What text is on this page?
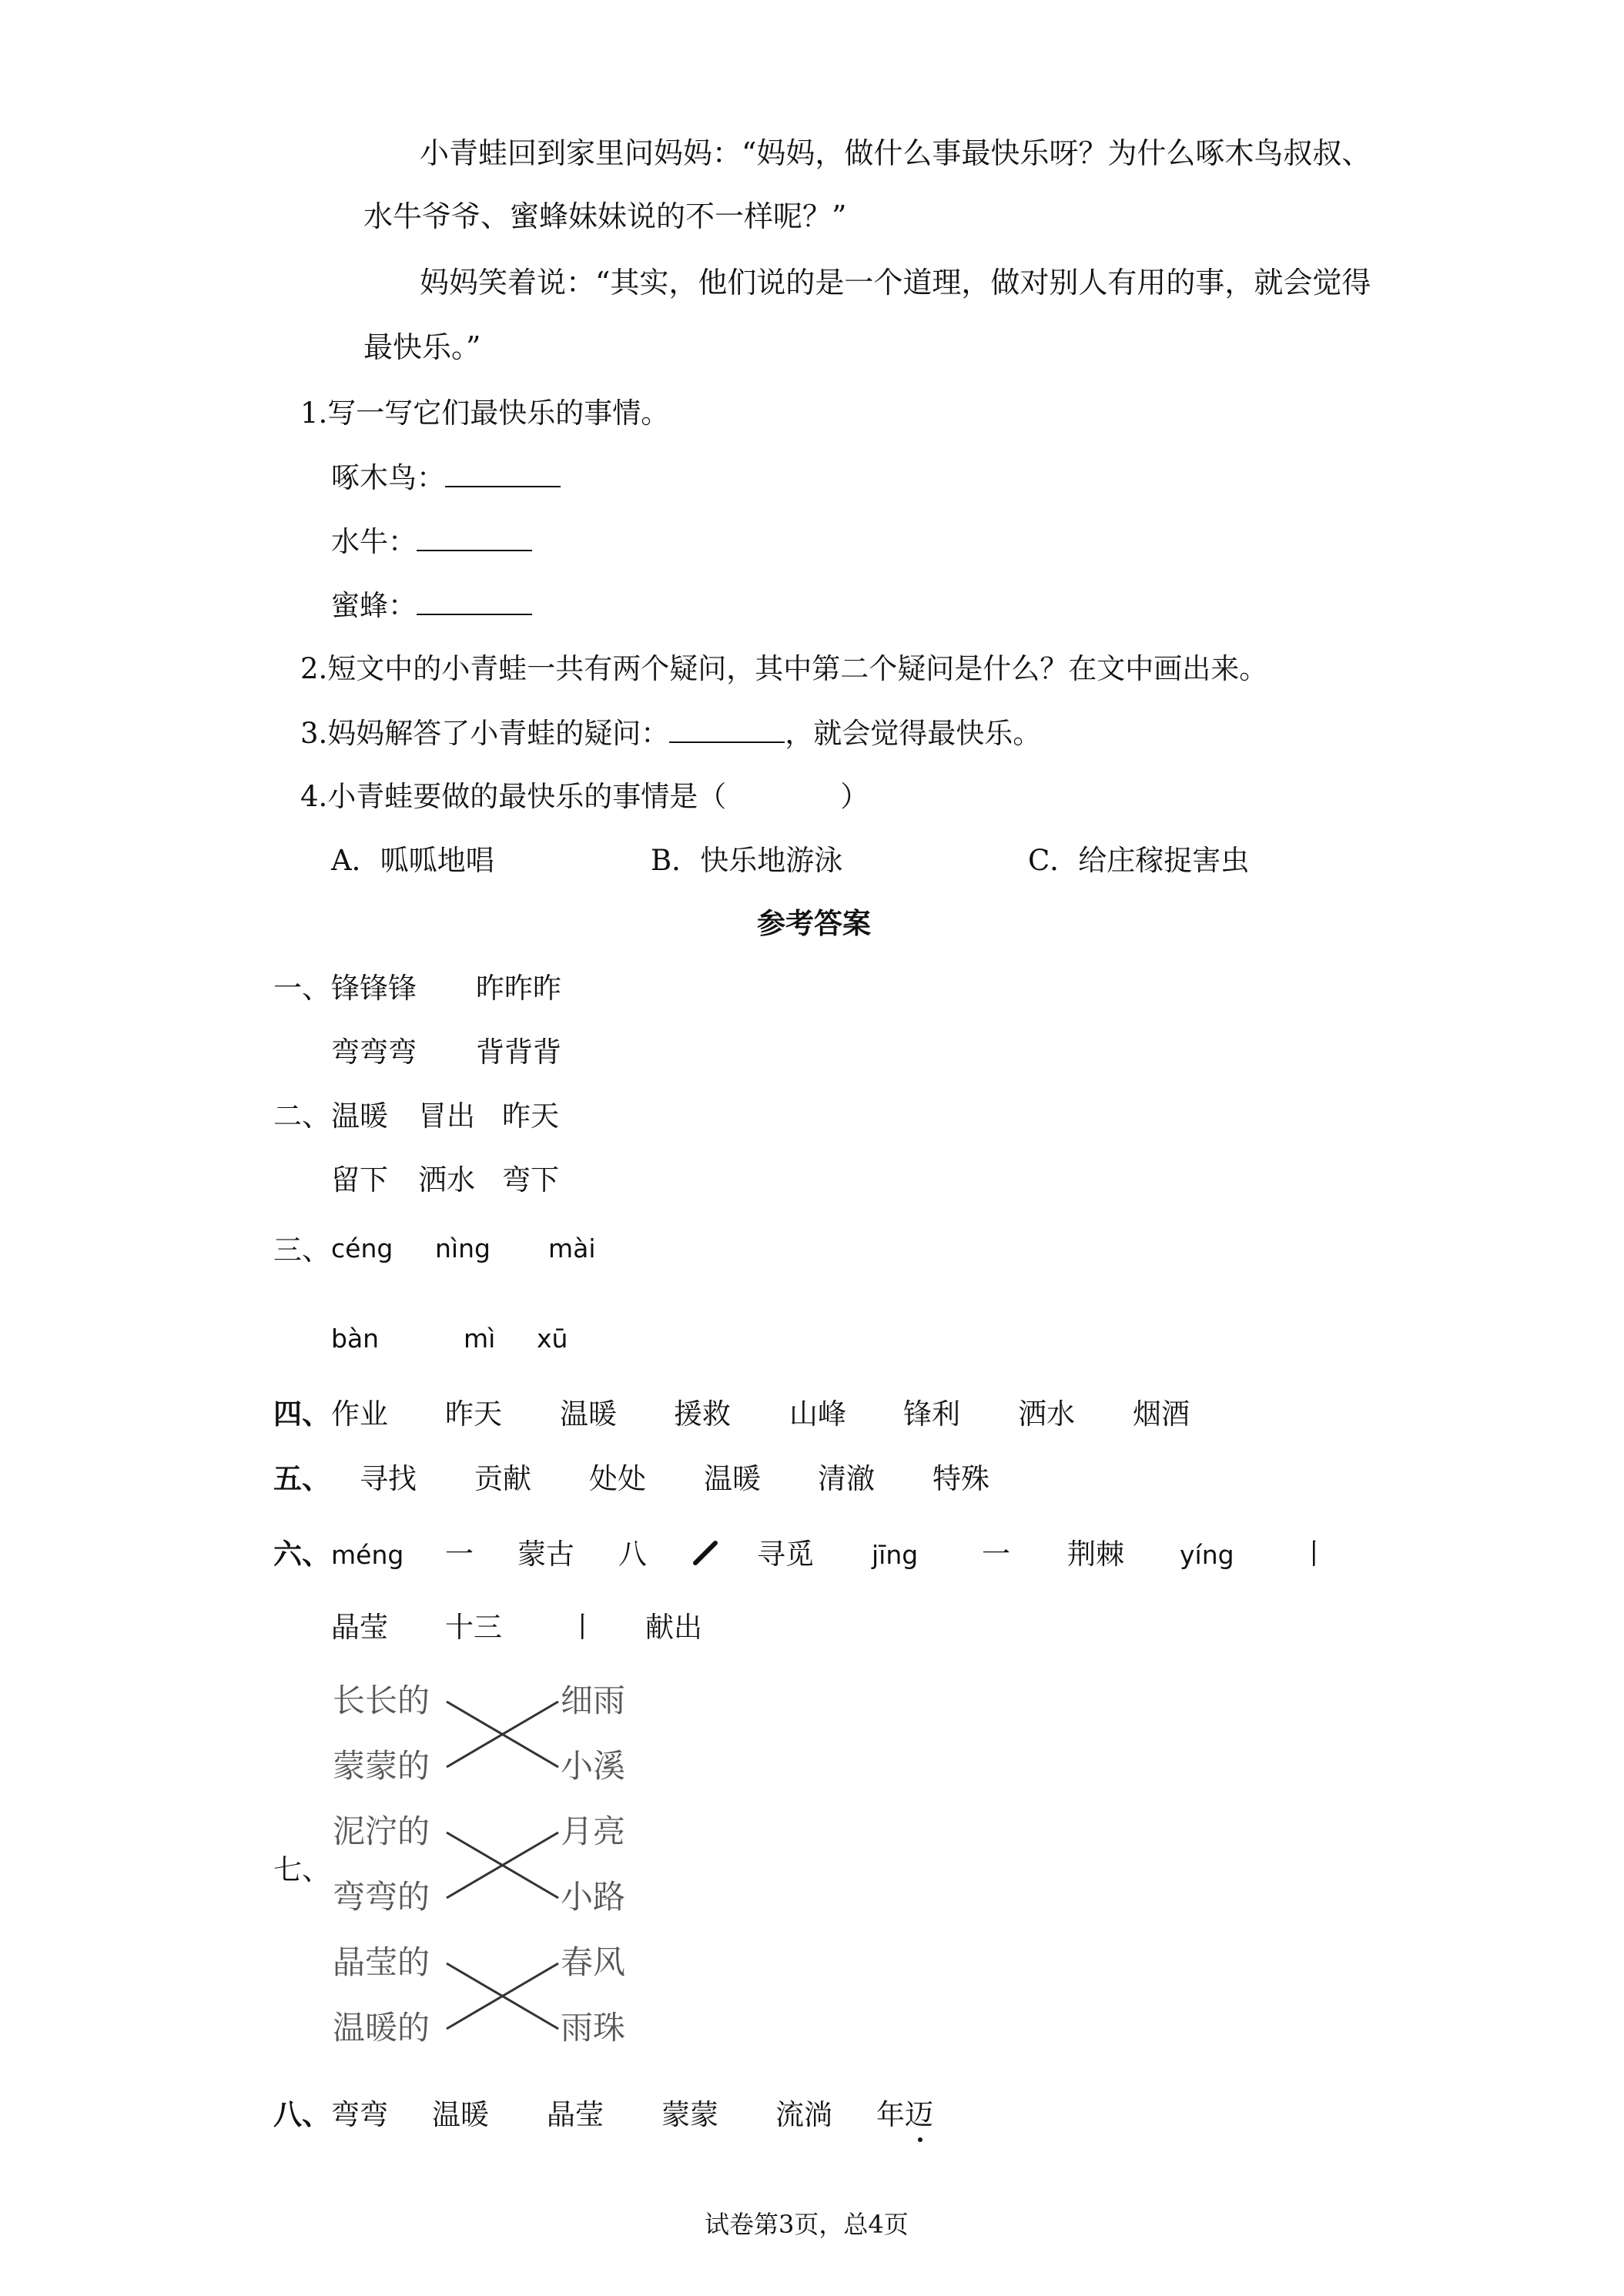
小青蛙回到家里问妈妈：“妈妈，做什么事最快乐呀？为什么啄木鸟叔叔、
水牛爷爷、蜜蜂妹妹说的不一样呢？”
妈妈笑着说：“其实，他们说的是一个道理，做对别人有用的事，就会觉得
最快乐。”
1.写一写它们最快乐的事情。
啄木鸟：
水牛：
蜜蜂：
2.短文中的小青蛙一共有两个疑问，其中第二个疑问是什么？在文中画出来。
3.妈妈解答了小青蛙的疑问：	，就会觉得最快乐。
4.小青蛙要做的最快乐的事情是（　　　　）
A．呱呱地唱	B．快乐地游泳	C．给庄稼捉害虫
参考答案
一、 锋锋锋 昨昨昨
弯弯弯 背背背
二、 温暖 冒出 昨天
留下 洒水 弯下
三、 céng nìng mài
bàn	mì xū
四、 作业 昨天 温暖 援救 山峰 锋利 洒水 烟酒
五、 寻找 贡献 处处 温暖 清澈 特殊
六、 méng 一 蒙古 八	寻觅 jīng 一 荆棘 yíng 丨
晶莹 十三 丨 献出
七、
长长的
蒙蒙的
泥泞的
弯弯的
晶莹的
温暖的
细雨
小溪
月亮
小路
春风
雨珠
八、 弯弯 温暖 晶莹 蒙蒙 流淌 年迈
试卷第3页，总4页
